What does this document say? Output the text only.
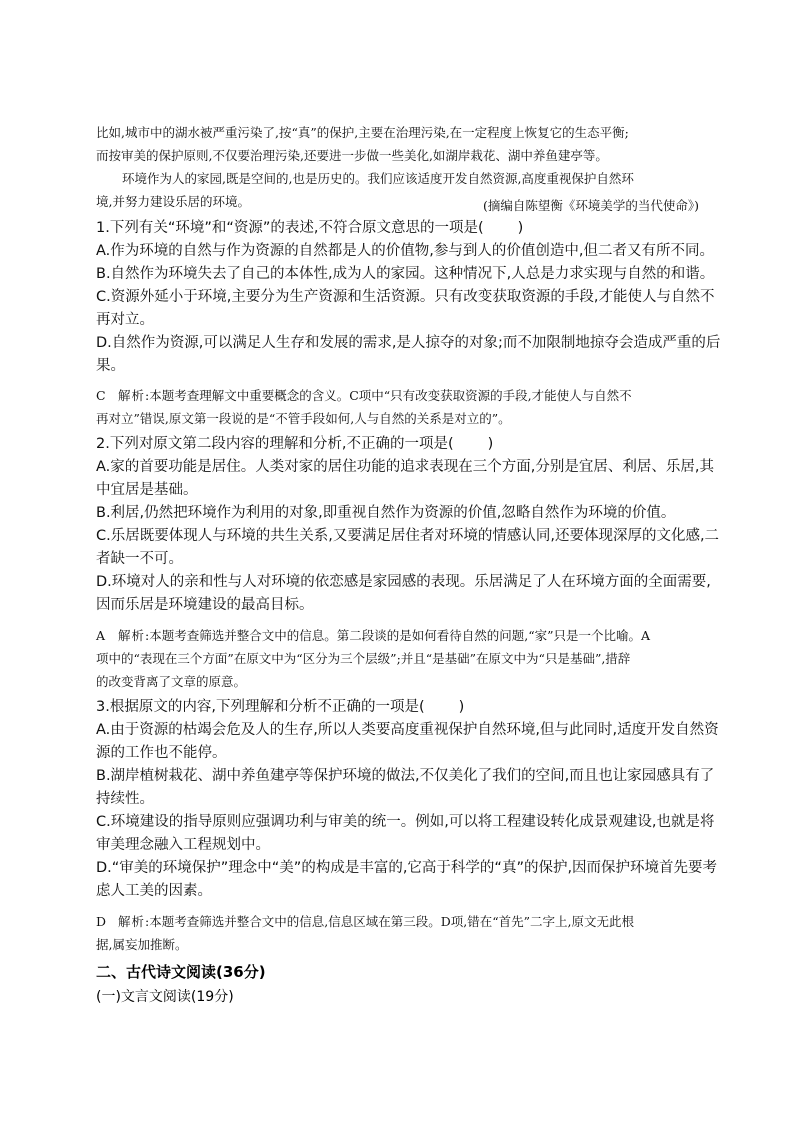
比如,城市中的湖水被严重污染了,按“真”的保护,主要在治理污染,在一定程度上恢复它的生态平衡;
而按审美的保护原则,不仅要治理污染,还要进一步做一些美化,如湖岸栽花、湖中养鱼建亭等。
环境作为人的家园,既是空间的,也是历史的。我们应该适度开发自然资源,高度重视保护自然环
境,并努力建设乐居的环境。	(摘编自陈望衡《环境美学的当代使命》)
1.下列有关“环境”和“资源”的表述,不符合原文意思的一项是( )
A.作为环境的自然与作为资源的自然都是人的价值物,参与到人的价值创造中,但二者又有所不同。
B.自然作为环境失去了自己的本体性,成为人的家园。这种情况下,人总是力求实现与自然的和谐。
C.资源外延小于环境,主要分为生产资源和生活资源。只有改变获取资源的手段,才能使人与自然不
再对立。
D.自然作为资源,可以满足人生存和发展的需求,是人掠夺的对象;而不加限制地掠夺会造成严重的后
果。
C 解析:本题考查理解文中重要概念的含义。C项中“只有改变获取资源的手段,才能使人与自然不
再对立”错误,原文第一段说的是“不管手段如何,人与自然的关系是对立的”。
2.下列对原文第二段内容的理解和分析,不正确的一项是( )
A.家的首要功能是居住。人类对家的居住功能的追求表现在三个方面,分别是宜居、利居、乐居,其
中宜居是基础。
B.利居,仍然把环境作为利用的对象,即重视自然作为资源的价值,忽略自然作为环境的价值。
C.乐居既要体现人与环境的共生关系,又要满足居住者对环境的情感认同,还要体现深厚的文化感,二
者缺一不可。
D.环境对人的亲和性与人对环境的依恋感是家园感的表现。乐居满足了人在环境方面的全面需要,
因而乐居是环境建设的最高目标。
A 解析:本题考查筛选并整合文中的信息。第二段谈的是如何看待自然的问题,“家”只是一个比喻。A
项中的“表现在三个方面”在原文中为“区分为三个层级”;并且“是基础”在原文中为“只是基础”,措辞
的改变背离了文章的原意。
3.根据原文的内容,下列理解和分析不正确的一项是( )
A.由于资源的枯竭会危及人的生存,所以人类要高度重视保护自然环境,但与此同时,适度开发自然资
源的工作也不能停。
B.湖岸植树栽花、湖中养鱼建亭等保护环境的做法,不仅美化了我们的空间,而且也让家园感具有了
持续性。
C.环境建设的指导原则应强调功利与审美的统一。例如,可以将工程建设转化成景观建设,也就是将
审美理念融入工程规划中。
D.“审美的环境保护”理念中“美”的构成是丰富的,它高于科学的“真”的保护,因而保护环境首先要考
虑人工美的因素。
D 解析:本题考查筛选并整合文中的信息,信息区域在第三段。D项,错在“首先”二字上,原文无此根
据,属妄加推断。
二、古代诗文阅读(36分)
(一)文言文阅读(19分)
